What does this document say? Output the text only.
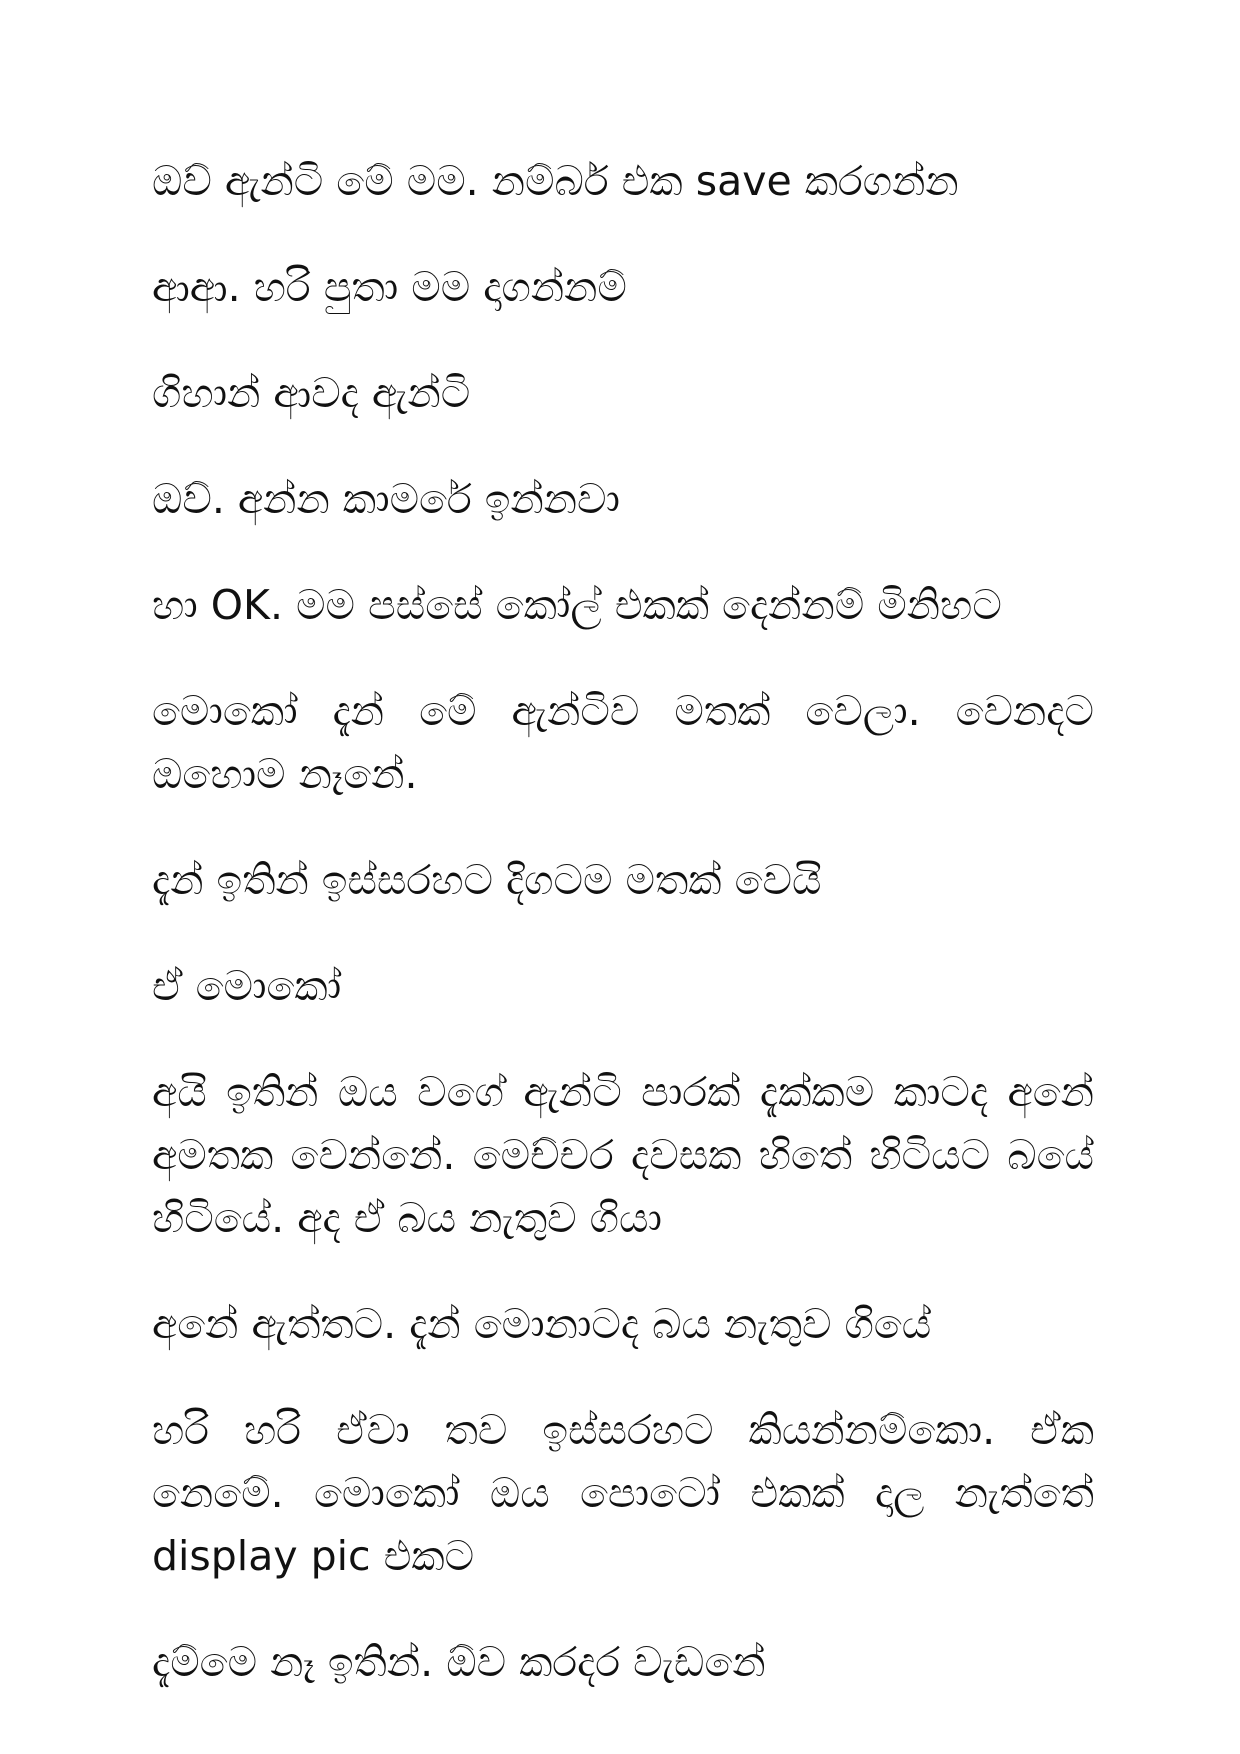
ඔව් ඇන්ටි මේ මම. නම්බර් එක save කරගන්න

ආආ. හරි පුතා මම දාගන්නම්

ගිහාන් ආවද ඇන්ටි

ඔව්. අන්න කාමරේ ඉන්නවා

හා OK. මම පස්සේ කෝල් එකක් දෙන්නම් මිනිහට

මොකෝ දැන් මේ ඇන්ටිව මතක් වෙලා. වෙනදට ඔහොම නෑනේ.

දැන් ඉතින් ඉස්සරහට දිගටම මතක් වෙයි

ඒ මොකෝ

අයි ඉතින් ඔය වගේ ඇන්ටි පාරක් දැක්කම කාටද අනේ අමතක වෙන්නේ. මෙච්චර දවසක හිතේ හිටියට බයේ හිටියේ. අද ඒ බය නැතුව ගියා

අනේ ඇත්තට. දැන් මොනාටද බය නැතුව ගියේ

හරි හරි ඒවා තව ඉස්සරහට කියන්නම්කො. ඒක නෙමේ. මොකෝ ඔය පොටෝ එකක් දාල නැත්තේ display pic එකට

දැම්මෙ නෑ ඉතින්. ඕව කරදර වැඩනේ
